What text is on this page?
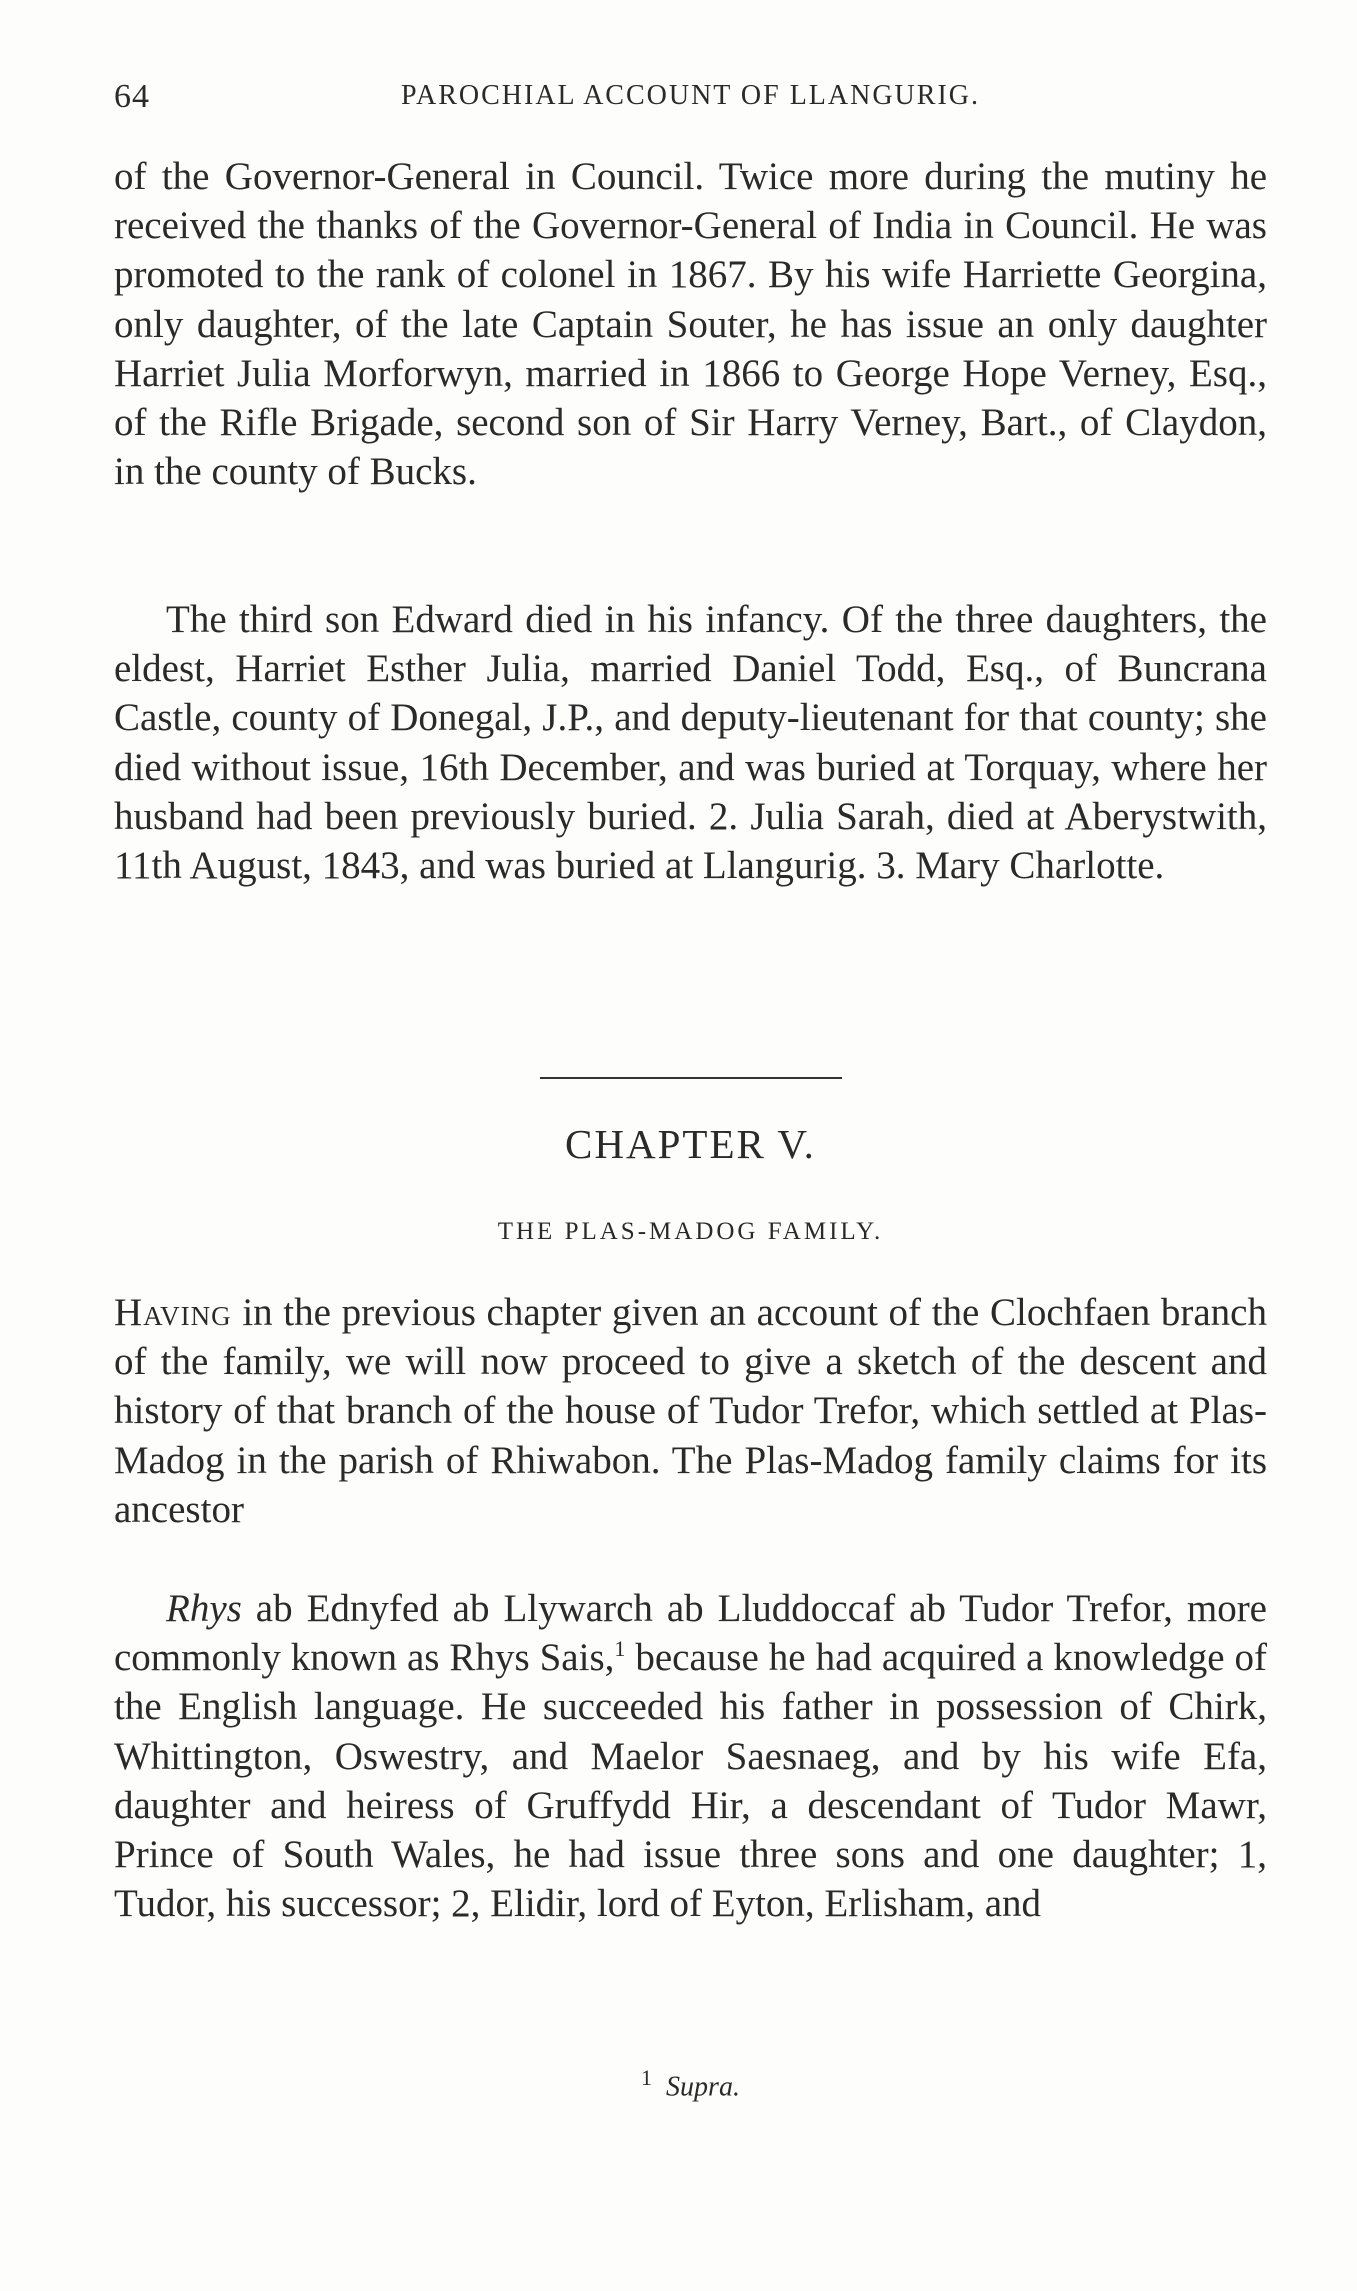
64	PAROCHIAL ACCOUNT OF LLANGURIG.

of the Governor-General in Council. Twice more during the mutiny he received the thanks of the Governor-General of India in Council. He was promoted to the rank of colonel in 1867. By his wife Harriette Georgina, only daughter, of the late Captain Souter, he has issue an only daughter Harriet Julia Morforwyn, married in 1866 to George Hope Verney, Esq., of the Rifle Brigade, second son of Sir Harry Verney, Bart., of Claydon, in the county of Bucks.

The third son Edward died in his infancy. Of the three daughters, the eldest, Harriet Esther Julia, married Daniel Todd, Esq., of Buncrana Castle, county of Donegal, J.P., and deputy-lieutenant for that county; she died without issue, 16th December, and was buried at Torquay, where her husband had been previously buried. 2. Julia Sarah, died at Aberystwith, 11th August, 1843, and was buried at Llangurig. 3. Mary Charlotte.

CHAPTER V.
THE PLAS-MADOG FAMILY.

Having in the previous chapter given an account of the Clochfaen branch of the family, we will now proceed to give a sketch of the descent and history of that branch of the house of Tudor Trefor, which settled at Plas-Madog in the parish of Rhiwabon. The Plas-Madog family claims for its ancestor

Rhys ab Ednyfed ab Llywarch ab Lluddoccaf ab Tudor Trefor, more commonly known as Rhys Sais,$^1$ because he had acquired a knowledge of the English language. He succeeded his father in possession of Chirk, Whittington, Oswestry, and Maelor Saesnaeg, and by his wife Efa, daughter and heiress of Gruffydd Hir, a descendant of Tudor Mawr, Prince of South Wales, he had issue three sons and one daughter; 1, Tudor, his successor; 2, Elidir, lord of Eyton, Erlisham, and

$^1$ Supra.
